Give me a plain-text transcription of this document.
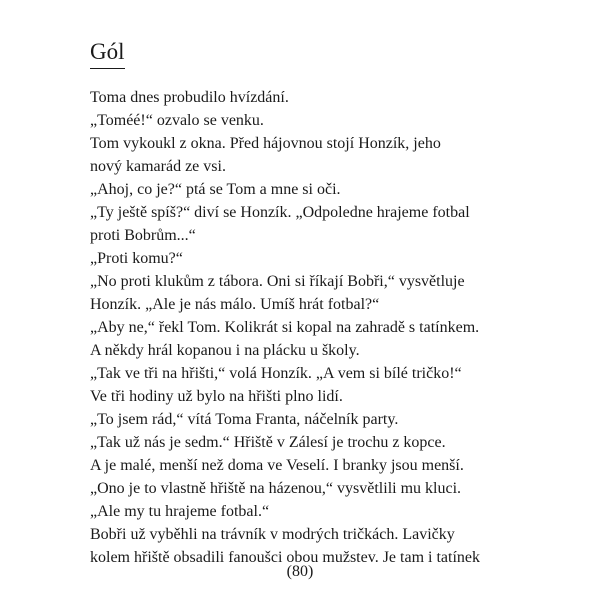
Gól
Toma dnes probudilo hvízdání.
„Toméé!“ ozvalo se venku.
Tom vykoukl z okna. Před hájovnou stojí Honzík, jeho
nový kamarád ze vsi.
„Ahoj, co je?“ ptá se Tom a mne si oči.
„Ty ještě spíš?“ diví se Honzík. „Odpoledne hrajeme fotbal
proti Bobrům...“
„Proti komu?“
„No proti klukům z tábora. Oni si říkají Bobři,“ vysvětluje
Honzík. „Ale je nás málo. Umíš hrát fotbal?“
„Aby ne,“ řekl Tom. Kolikrát si kopal na zahradě s tatínkem.
A někdy hrál kopanou i na plácku u školy.
„Tak ve tři na hřišti,“ volá Honzík. „A vem si bílé tričko!“
Ve tři hodiny už bylo na hřišti plno lidí.
„To jsem rád,“ vítá Toma Franta, náčelník party.
„Tak už nás je sedm.“ Hřiště v Zálesí je trochu z kopce.
A je malé, menší než doma ve Veselí. I branky jsou menší.
„Ono je to vlastně hřiště na házenou,“ vysvětlili mu kluci.
„Ale my tu hrajeme fotbal.“
Bobři už vyběhli na trávník v modrých tričkách. Lavičky
kolem hřiště obsadili fanoušci obou mužstev. Je tam i tatínek
(80)
